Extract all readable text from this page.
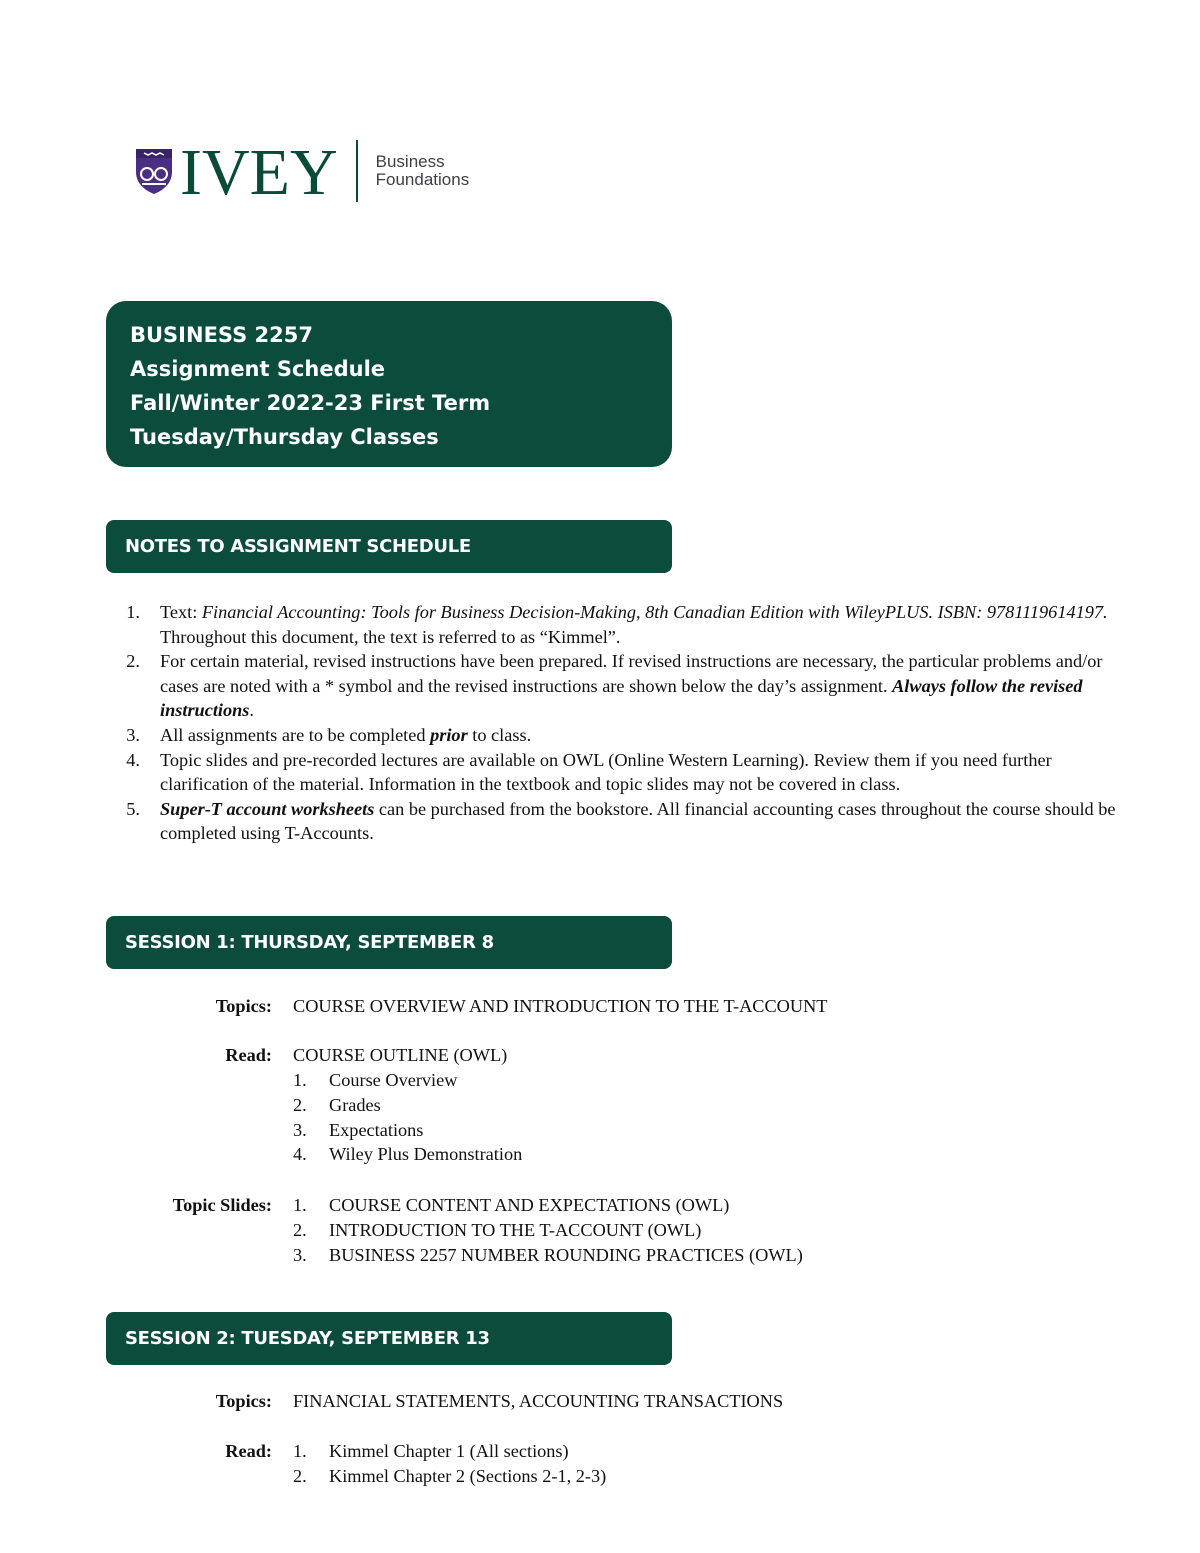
IVEY Business
Foundations
BUSINESS 2257
Assignment Schedule
Fall/Winter 2022-23 First Term
Tuesday/Thursday Classes
NOTES TO ASSIGNMENT SCHEDULE
1. Text: Financial Accounting: Tools for Business Decision-Making, 8th Canadian Edition with WileyPLUS. ISBN: 9781119614197. Throughout this document, the text is referred to as “Kimmel”.
2. For certain material, revised instructions have been prepared. If revised instructions are necessary, the particular problems and/or cases are noted with a * symbol and the revised instructions are shown below the day’s assignment. Always follow the revised instructions.
3. All assignments are to be completed prior to class.
4. Topic slides and pre-recorded lectures are available on OWL (Online Western Learning). Review them if you need further clarification of the material. Information in the textbook and topic slides may not be covered in class.
5. Super-T account worksheets can be purchased from the bookstore. All financial accounting cases throughout the course should be completed using T-Accounts.
SESSION 1: THURSDAY, SEPTEMBER 8
Topics: COURSE OVERVIEW AND INTRODUCTION TO THE T-ACCOUNT
Read: COURSE OUTLINE (OWL)
1. Course Overview
2. Grades
3. Expectations
4. Wiley Plus Demonstration
Topic Slides: 1. COURSE CONTENT AND EXPECTATIONS (OWL)
2. INTRODUCTION TO THE T-ACCOUNT (OWL)
3. BUSINESS 2257 NUMBER ROUNDING PRACTICES (OWL)
SESSION 2: TUESDAY, SEPTEMBER 13
Topics: FINANCIAL STATEMENTS, ACCOUNTING TRANSACTIONS
Read: 1. Kimmel Chapter 1 (All sections)
2. Kimmel Chapter 2 (Sections 2-1, 2-3)
